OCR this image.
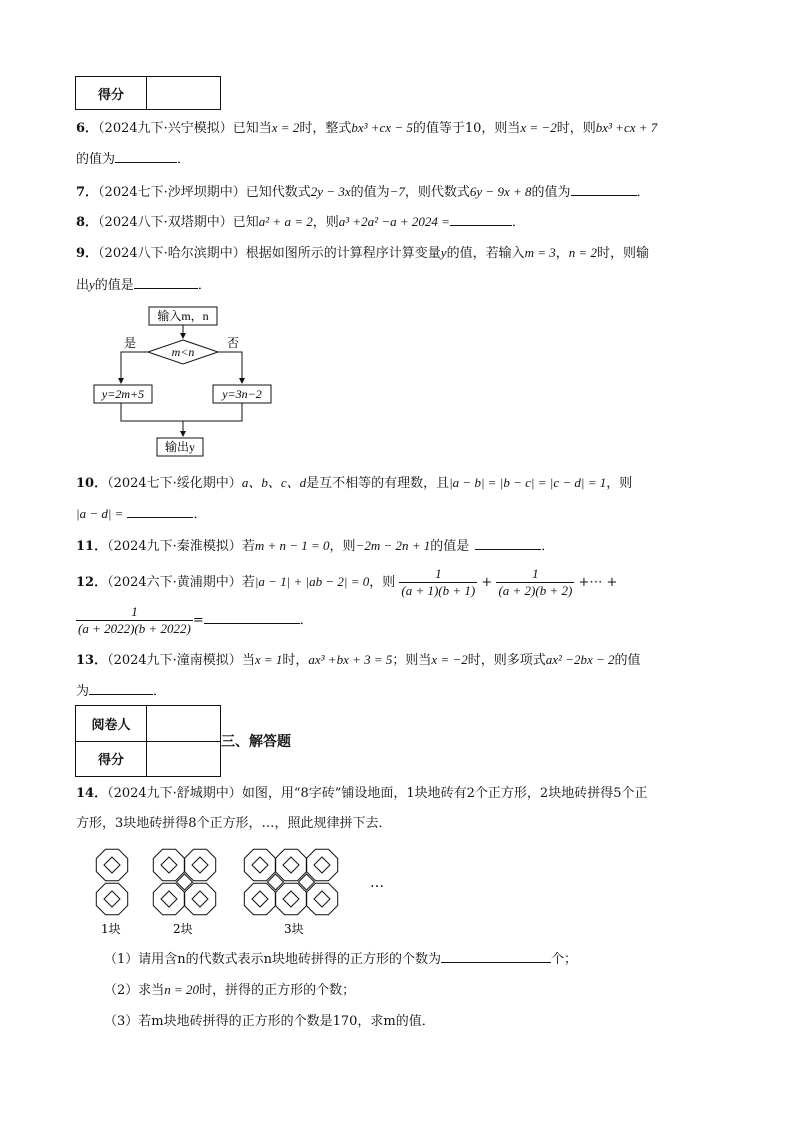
得分	
6．（2024九下·兴宁模拟）已知当x = 2时，整式bx³ +cx − 5的值等于10，则当x = −2时，则bx³ +cx + 7
的值为	．
7．（2024七下·沙坪坝期中）已知代数式2y − 3x的值为−7，则代数式6y − 9x + 8的值为	．
8．（2024八下·双塔期中）已知a² + a = 2，则a³ +2a² −a + 2024 =	．
9．（2024八下·哈尔滨期中）根据如图所示的计算程序计算变量y的值，若输入m = 3，n = 2时，则输
出y的值是	．
输入m，n
m<n
是	否
y=2m+5	y=3n−2
输出y
10．（2024七下·绥化期中）a、b、c、d是互不相等的有理数，且|a − b| = |b − c| = |c − d| = 1，则
|a − d| =	．
11．（2024九下·秦淮模拟）若m + n − 1 = 0，则−2m − 2n + 1的值是	．
12．（2024六下·黄浦期中）若|a − 1| + |ab − 2| = 0，则 $\frac{1}{(a + 1)(b + 1)} + \frac{1}{(a + 2)(b + 2)}$ +⋯ +
$\frac{1}{(a + 2022)(b + 2022)}$ =	．
13．（2024九下·潼南模拟）当x = 1时，ax³ +bx + 3 = 5；则当x = −2时，则多项式ax² −2bx − 2的值
为	．
阅卷人	
得分	
三、解答题
14．（2024九下·舒城期中）如图，用“8字砖”铺设地面，1块地砖有2个正方形，2块地砖拼得5个正
方形，3块地砖拼得8个正方形，…，照此规律拼下去．
…
1块	2块	3块
（1）请用含n的代数式表示n块地砖拼得的正方形的个数为	个；
（2）求当n = 20时，拼得的正方形的个数；
（3）若m块地砖拼得的正方形的个数是170，求m的值．
